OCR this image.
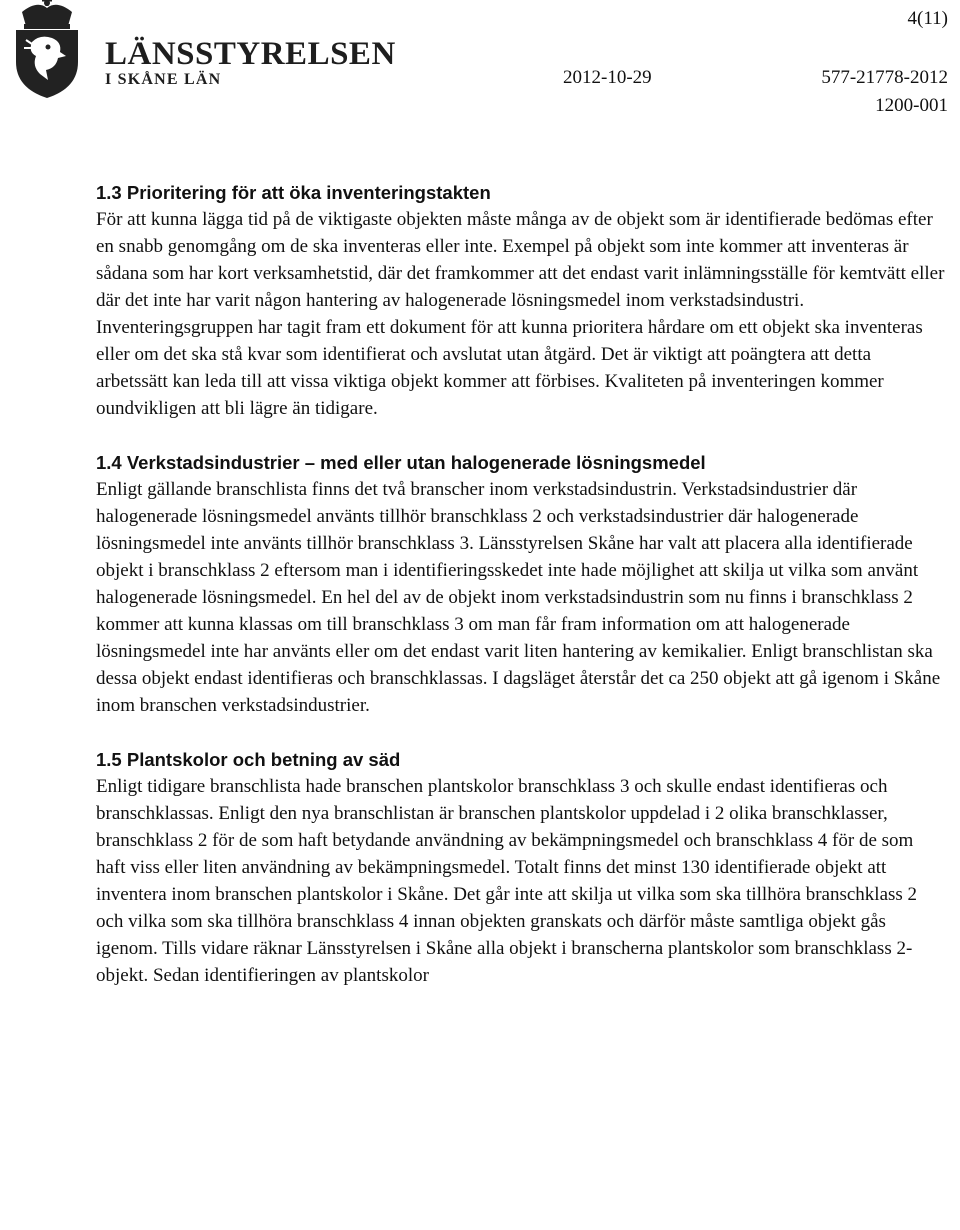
4(11)
LÄNSSTYRELSEN
I SKÅNE LÄN	2012-10-29	577-21778-2012
1200-001
1.3 Prioritering för att öka inventeringstakten

För att kunna lägga tid på de viktigaste objekten måste många av de objekt som är identifierade bedömas efter en snabb genomgång om de ska inventeras eller inte. Exempel på objekt som inte kommer att inventeras är sådana som har kort verksamhetstid, där det framkommer att det endast varit inlämningsställe för kemtvätt eller där det inte har varit någon hantering av halogenerade lösningsmedel inom verkstadsindustri. Inventeringsgruppen har tagit fram ett dokument för att kunna prioritera hårdare om ett objekt ska inventeras eller om det ska stå kvar som identifierat och avslutat utan åtgärd. Det är viktigt att poängtera att detta arbetssätt kan leda till att vissa viktiga objekt kommer att förbises. Kvaliteten på inventeringen kommer oundvikligen att bli lägre än tidigare.

1.4 Verkstadsindustrier – med eller utan halogenerade lösningsmedel

Enligt gällande branschlista finns det två branscher inom verkstadsindustrin. Verkstadsindustrier där halogenerade lösningsmedel använts tillhör branschklass 2 och verkstadsindustrier där halogenerade lösningsmedel inte använts tillhör branschklass 3. Länsstyrelsen Skåne har valt att placera alla identifierade objekt i branschklass 2 eftersom man i identifieringsskedet inte hade möjlighet att skilja ut vilka som använt halogenerade lösningsmedel. En hel del av de objekt inom verkstadsindustrin som nu finns i branschklass 2 kommer att kunna klassas om till branschklass 3 om man får fram information om att halogenerade lösningsmedel inte har använts eller om det endast varit liten hantering av kemikalier. Enligt branschlistan ska dessa objekt endast identifieras och branschklassas. I dagsläget återstår det ca 250 objekt att gå igenom i Skåne inom branschen verkstadsindustrier.

1.5 Plantskolor och betning av säd

Enligt tidigare branschlista hade branschen plantskolor branschklass 3 och skulle endast identifieras och branschklassas. Enligt den nya branschlistan är branschen plantskolor uppdelad i 2 olika branschklasser, branschklass 2 för de som haft betydande användning av bekämpningsmedel och branschklass 4 för de som haft viss eller liten användning av bekämpningsmedel. Totalt finns det minst 130 identifierade objekt att inventera inom branschen plantskolor i Skåne. Det går inte att skilja ut vilka som ska tillhöra branschklass 2 och vilka som ska tillhöra branschklass 4 innan objekten granskats och därför måste samtliga objekt gås igenom. Tills vidare räknar Länsstyrelsen i Skåne alla objekt i branscherna plantskolor som branschklass 2-objekt. Sedan identifieringen av plantskolor
